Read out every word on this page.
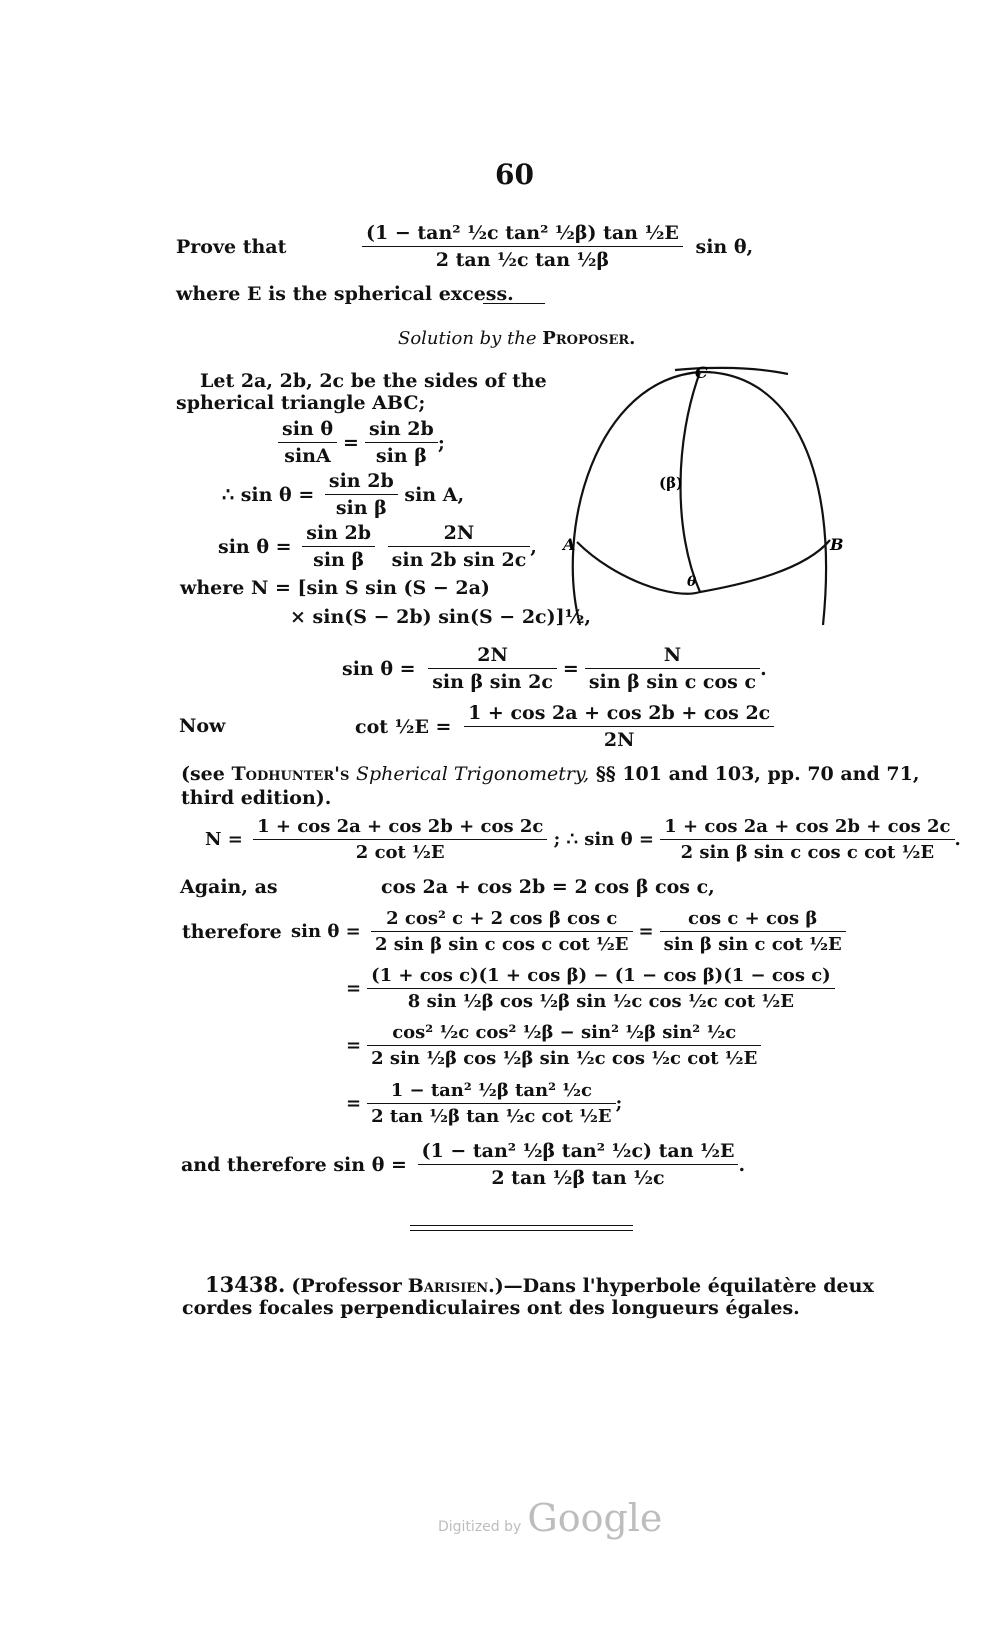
60
Prove that	$\frac{\text{(1 − tan² ½c tan² ½β) tan ½E}}{\text{2 tan ½c tan ½β}}$ sin θ,
where E is the spherical excess.
Solution by the Proposer.
C
A	B
(β)
θ
Let 2a, 2b, 2c be the sides of the
spherical triangle ABC;
$\frac{\text{sin θ}}{\sin A} = \frac{\sin 2b}{\text{sin β}}$ ;
∴ $\sin \theta = \frac{\sin 2b}{\text{sin β}}$ sin A,
$\sin \theta = \frac{\sin 2b}{\text{sin β}}$
$\frac{2N}{\text{sin 2b sin 2c}}$ ,
where N = [sin S sin (S − 2a)
× sin(S − 2b) sin(S − 2c)]½,
$\sin \theta = \frac{2N}{\text{sin β sin 2c}} = \frac{N}{\text{sin β sin c cos c}}$ .
Now	cot ½E = $\frac{1 + \cos 2a + \cos 2b + \cos 2c}{2N}$
(see Todhunter's Spherical Trigonometry, §§ 101 and 103, pp. 70 and 71,
third edition).
$N = \frac{1 + \cos 2a + \cos 2b + \cos 2c}{\text{2 cot ½E}}$ ; ∴ $\sin \theta = \frac{1 + \cos 2a + \cos 2b + \cos 2c}{\text{2 sin β sin c cos c cot ½E}}$ .
Again, as	cos 2a + cos 2b = 2 cos β cos c,
therefore $\sin \theta = \frac{\text{2 cos² c + 2 cos β cos c}}{\text{2 sin β sin c cos c cot ½E}} = \frac{\text{cos c + cos β}}{\text{sin β sin c cot ½E}}$
= $\frac{\text{(1 + cos c)(1 + cos β) − (1 − cos β)(1 − cos c)}}{\text{8 sin ½β cos ½β sin ½c cos ½c cot ½E}}$
= $\frac{\text{cos² ½c cos² ½β − sin² ½β sin² ½c}}{\text{2 sin ½β cos ½β sin ½c cos ½c cot ½E}}$
= $\frac{\text{1 − tan² ½β tan² ½c}}{\text{2 tan ½β tan ½c cot ½E}}$ ;
and therefore $\sin \theta = \frac{\text{(1 − tan² ½β tan² ½c) tan ½E}}{\text{2 tan ½β tan ½c}}$ .
13438. (Professor Barisien.)—Dans l'hyperbole équilatère deux
cordes focales perpendiculaires ont des longueurs égales.
Digitized by Google
